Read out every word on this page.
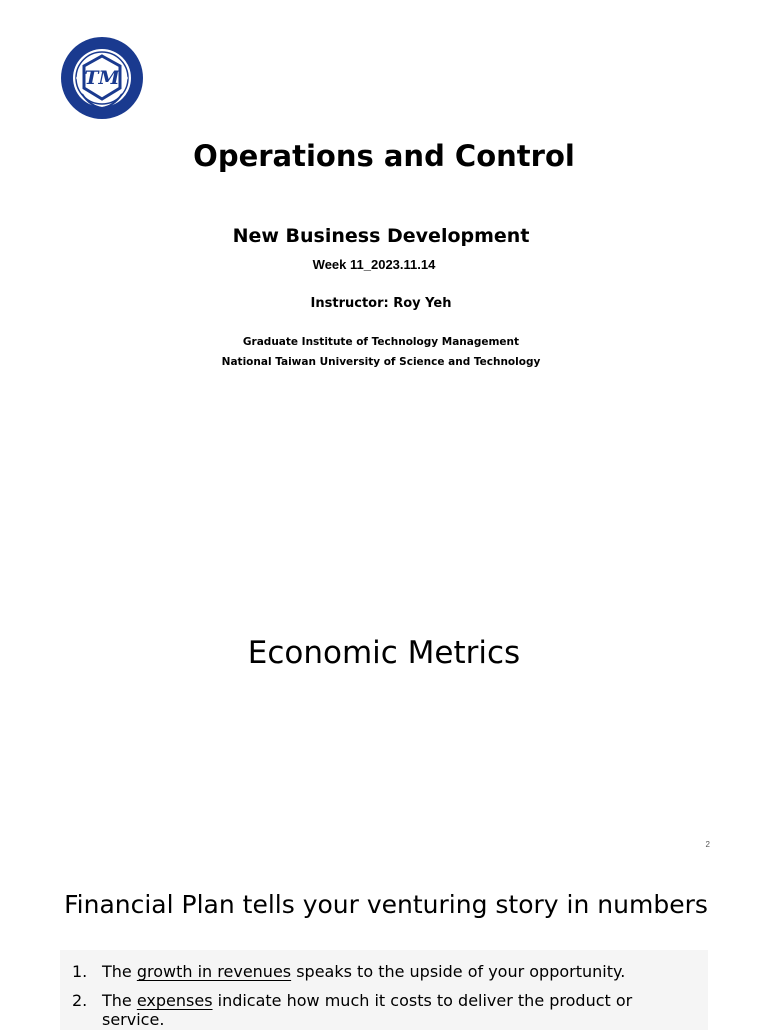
TM
Operations and Control
New Business Development
Week 11_2023.11.14
Instructor: Roy Yeh
Graduate Institute of Technology Management
National Taiwan University of Science and Technology
Economic Metrics
2
Financial Plan tells your venturing story in numbers
1. The growth in revenues speaks to the upside of your opportunity.
2. The expenses indicate how much it costs to deliver the product or
service.
